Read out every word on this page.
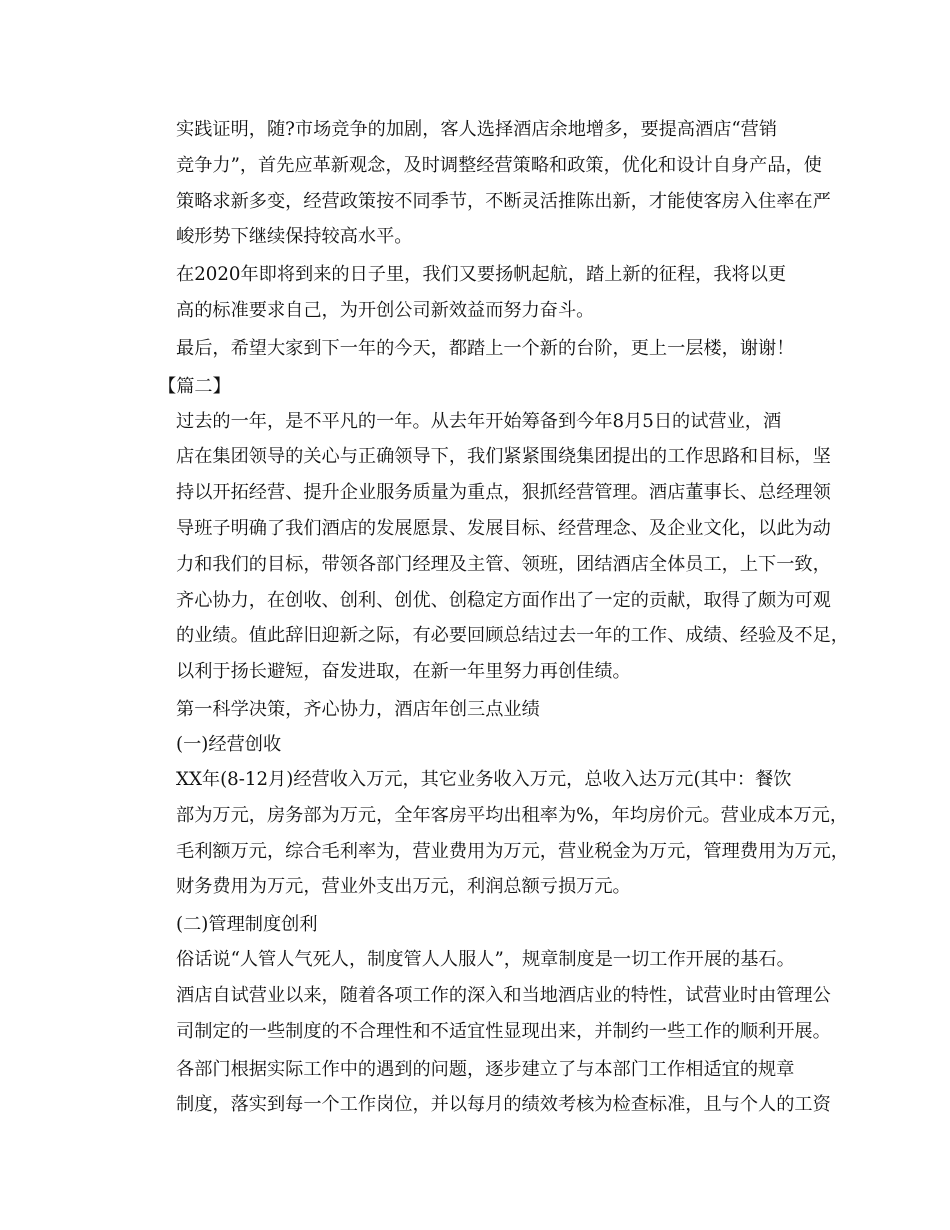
实践证明，随?市场竞争的加剧，客人选择酒店余地增多，要提高酒店“营销
竞争力”，首先应革新观念，及时调整经营策略和政策，优化和设计自身产品，使
策略求新多变，经营政策按不同季节，不断灵活推陈出新，才能使客房入住率在严
峻形势下继续保持较高水平。
在2020年即将到来的日子里，我们又要扬帆起航，踏上新的征程，我将以更
高的标准要求自己，为开创公司新效益而努力奋斗。
最后，希望大家到下一年的今天，都踏上一个新的台阶，更上一层楼，谢谢！
【篇二】
过去的一年，是不平凡的一年。从去年开始筹备到今年8月5日的试营业，酒
店在集团领导的关心与正确领导下，我们紧紧围绕集团提出的工作思路和目标，坚
持以开拓经营、提升企业服务质量为重点，狠抓经营管理。酒店董事长、总经理领
导班子明确了我们酒店的发展愿景、发展目标、经营理念、及企业文化，以此为动
力和我们的目标，带领各部门经理及主管、领班，团结酒店全体员工，上下一致，
齐心协力，在创收、创利、创优、创稳定方面作出了一定的贡献，取得了颇为可观
的业绩。值此辞旧迎新之际，有必要回顾总结过去一年的工作、成绩、经验及不足，
以利于扬长避短，奋发进取，在新一年里努力再创佳绩。
第一科学决策，齐心协力，酒店年创三点业绩
(一)经营创收
XX年(8-12月)经营收入万元，其它业务收入万元，总收入达万元(其中：餐饮
部为万元，房务部为万元，全年客房平均出租率为%，年均房价元。营业成本万元，
毛利额万元，综合毛利率为，营业费用为万元，营业税金为万元，管理费用为万元，
财务费用为万元，营业外支出万元，利润总额亏损万元。
(二)管理制度创利
俗话说“人管人气死人，制度管人人服人”，规章制度是一切工作开展的基石。
酒店自试营业以来，随着各项工作的深入和当地酒店业的特性，试营业时由管理公
司制定的一些制度的不合理性和不适宜性显现出来，并制约一些工作的顺利开展。
各部门根据实际工作中的遇到的问题，逐步建立了与本部门工作相适宜的规章
制度，落实到每一个工作岗位，并以每月的绩效考核为检查标准，且与个人的工资
